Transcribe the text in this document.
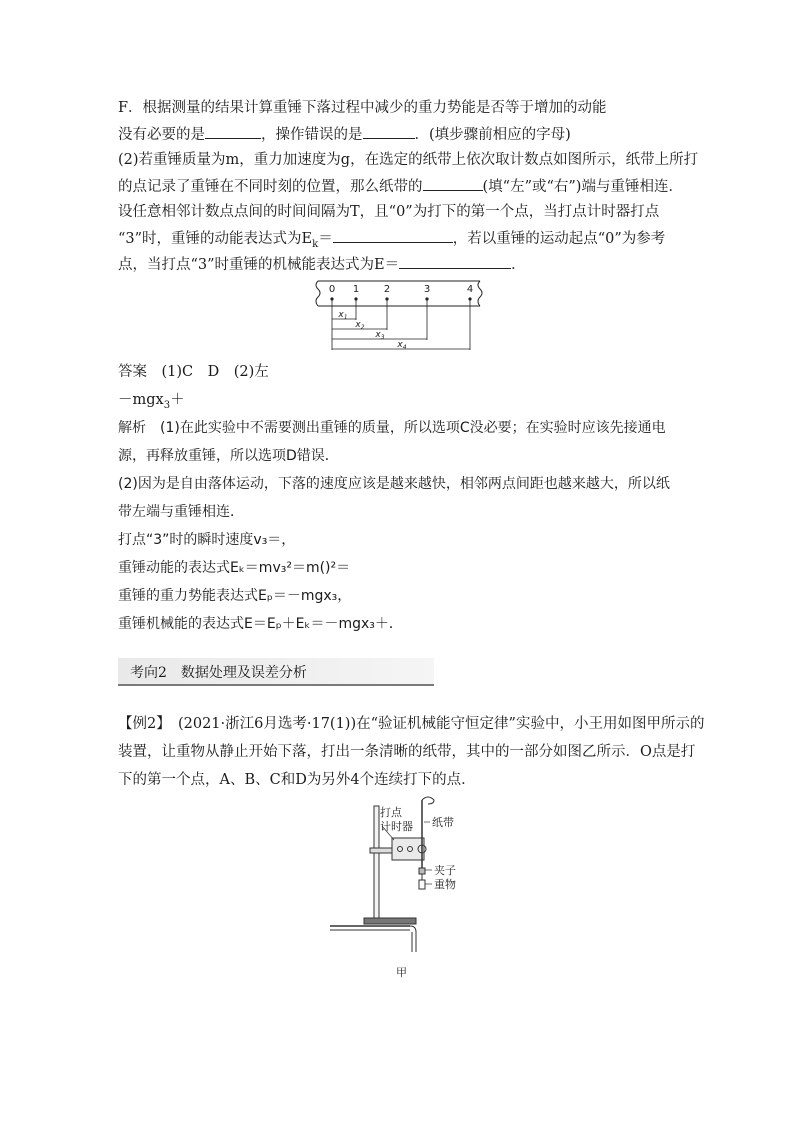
F．根据测量的结果计算重锤下落过程中减少的重力势能是否等于增加的动能
没有必要的是	，操作错误的是	．(填步骤前相应的字母)
(2)若重锤质量为m，重力加速度为g，在选定的纸带上依次取计数点如图所示，纸带上所打
的点记录了重锤在不同时刻的位置，那么纸带的	(填“左”或“右”)端与重锤相连．
设任意相邻计数点点间的时间间隔为T，且“0”为打下的第一个点，当打点计时器打点
“3”时，重锤的动能表达式为$E_k=$	，若以重锤的运动起点“0”为参考
点，当打点“3”时重锤的机械能表达式为E＝	．
0 1 2	3	4
$x_1$
$x_2$
$x_3$
$x_4$
答案　(1)C　D　(2)左
－mgx$_3$＋
解析　(1)在此实验中不需要测出重锤的质量，所以选项C没必要；在实验时应该先接通电
源，再释放重锤，所以选项D错误．
(2)因为是自由落体运动，下落的速度应该是越来越快，相邻两点间距也越来越大，所以纸
带左端与重锤相连．
打点“3”时的瞬时速度v₃＝，
重锤动能的表达式Eₖ＝mv₃²＝m()²＝
重锤的重力势能表达式Eₚ＝－mgx₃，
重锤机械能的表达式E＝Eₚ＋Eₖ＝－mgx₃＋．
考向2　数据处理及误差分析
【例2】　(2021·浙江6月选考·17(1))在“验证机械能守恒定律”实验中，小王用如图甲所示的
装置，让重物从静止开始下落，打出一条清晰的纸带，其中的一部分如图乙所示．O点是打
下的第一个点，A、B、C和D为另外4个连续打下的点．
打点
计时器 纸带
夹子
重物
甲
